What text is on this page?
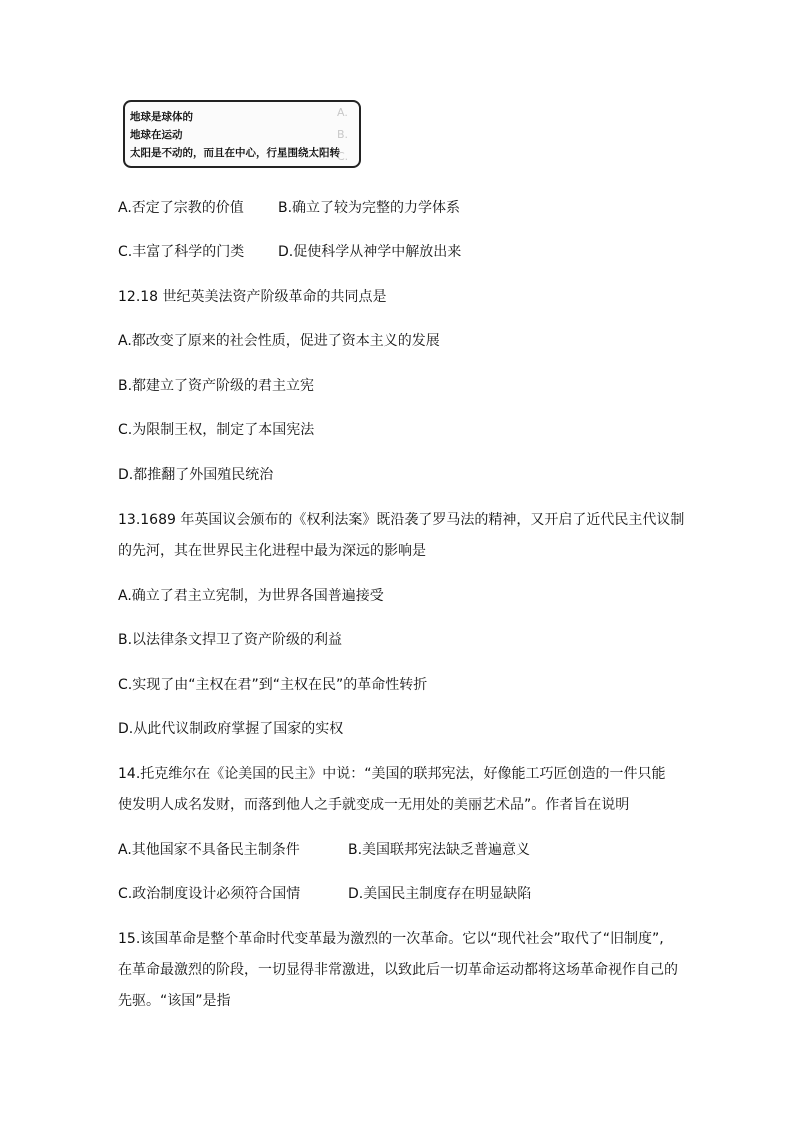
A.
B.
C.
地球是球体的
地球在运动
太阳是不动的，而且在中心，行星围绕太阳转
A.否定了宗教的价值 B.确立了较为完整的力学体系
C.丰富了科学的门类 D.促使科学从神学中解放出来
12.18 世纪英美法资产阶级革命的共同点是
A.都改变了原来的社会性质，促进了资本主义的发展
B.都建立了资产阶级的君主立宪
C.为限制王权，制定了本国宪法
D.都推翻了外国殖民统治
13.1689 年英国议会颁布的《权利法案》既沿袭了罗马法的精神，又开启了近代民主代议制
的先河，其在世界民主化进程中最为深远的影响是
A.确立了君主立宪制，为世界各国普遍接受
B.以法律条文捍卫了资产阶级的利益
C.实现了由“主权在君”到“主权在民”的革命性转折
D.从此代议制政府掌握了国家的实权
14.托克维尔在《论美国的民主》中说：“美国的联邦宪法，好像能工巧匠创造的一件只能
使发明人成名发财，而落到他人之手就变成一无用处的美丽艺术品”。作者旨在说明
A.其他国家不具备民主制条件	B.美国联邦宪法缺乏普遍意义
C.政治制度设计必须符合国情	D.美国民主制度存在明显缺陷
15.该国革命是整个革命时代变革最为激烈的一次革命。它以“现代社会”取代了“旧制度”,
在革命最激烈的阶段，一切显得非常激进，以致此后一切革命运动都将这场革命视作自己的
先驱。“该国”是指
